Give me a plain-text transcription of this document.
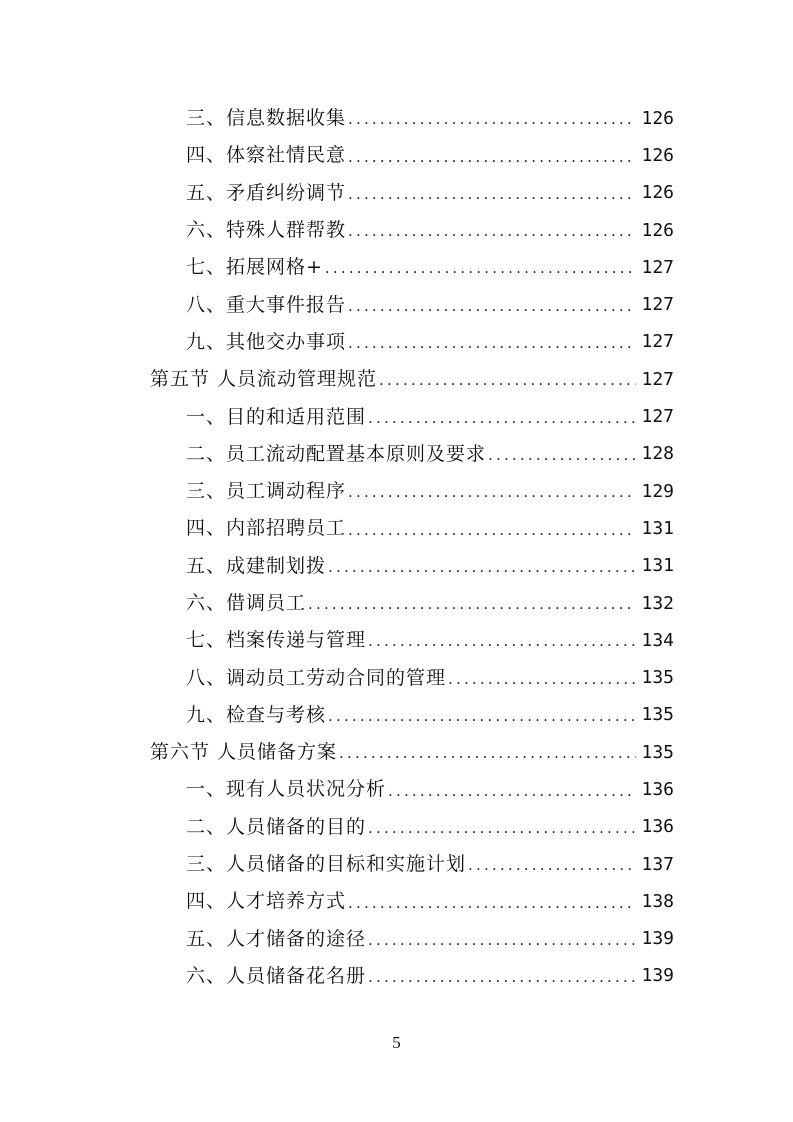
三、信息数据收集 .....	126
四、体察社情民意 .....	126
五、矛盾纠纷调节 .....	126
六、特殊人群帮教 .....	126
七、拓展网格+ .....	127
八、重大事件报告 .....	127
九、其他交办事项 .....	127
第五节 人员流动管理规范 .....	127
一、目的和适用范围 .....	127
二、员工流动配置基本原则及要求 .....	128
三、员工调动程序 .....	129
四、内部招聘员工 .....	131
五、成建制划拨 .....	131
六、借调员工 .....	132
七、档案传递与管理 .....	134
八、调动员工劳动合同的管理 .....	135
九、检查与考核 .....	135
第六节 人员储备方案 .....	135
一、现有人员状况分析 .....	136
二、人员储备的目的 .....	136
三、人员储备的目标和实施计划 .....	137
四、人才培养方式 .....	138
五、人才储备的途径 .....	139
六、人员储备花名册 .....	139
5
